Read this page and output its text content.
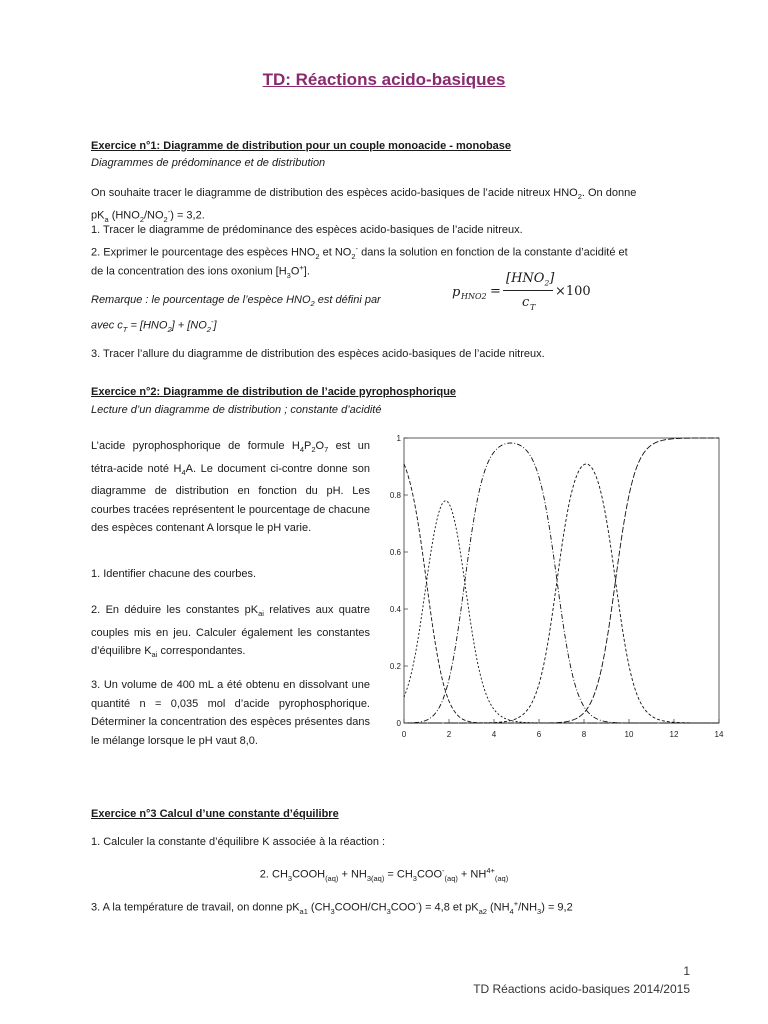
TD: Réactions acido-basiques
Exercice n°1: Diagramme de distribution pour un couple monoacide - monobase
Diagrammes de prédominance et de distribution
On souhaite tracer le diagramme de distribution des espèces acido-basiques de l’acide nitreux $HNO_2$. On donne
$pK_a$ $(HNO_2/NO_2^-) = 3,2$.
1. Tracer le diagramme de prédominance des espèces acido-basiques de l’acide nitreux.
2. Exprimer le pourcentage des espèces $HNO_2$ et $NO_2^-$ dans la solution en fonction de la constante d’acidité et
de la concentration des ions oxonium $[H_3O^+]$.
Remarque : le pourcentage de l’espèce $HNO_2$ est défini par
avec $c_T = [HNO_2] + [NO_2^-]$
p HNO2 =
$[HNO_2]$
c T
×100
3. Tracer l’allure du diagramme de distribution des espèces acido-basiques de l’acide nitreux.
Exercice n°2: Diagramme de distribution de l’acide pyrophosphorique
Lecture d’un diagramme de distribution ; constante d’acidité
L’acide pyrophosphorique de formule $H_4P_2O_7$ est un tétra-acide noté $H_4A$. Le document ci-contre donne son diagramme de distribution en fonction du pH. Les courbes tracées représentent le pourcentage de chacune des espèces contenant A lorsque le pH varie.
1. Identifier chacune des courbes.
2. En déduire les constantes $pK_{ai}$ relatives aux quatre couples mis en jeu. Calculer également les constantes d’équilibre $K_{ai}$ correspondantes.
3. Un volume de 400 mL a été obtenu en dissolvant une quantité n = 0,035 mol d’acide pyrophosphorique. Déterminer la concentration des espèces présentes dans le mélange lorsque le pH vaut 8,0.	0	2	4	6	8	10	12	14
0
0.2
0.4
0.6
0.8
1
Exercice n°3 Calcul d’une constante d’équilibre
1. Calculer la constante d’équilibre K associée à la réaction :
2. $CH_3COOH_{(aq)} + NH_{3(aq)} = CH_3COO^-_{(aq)} + NH^{4+}_{(aq)}$
3. A la température de travail, on donne $pK_{a1}$ $(CH_3COOH/CH_3COO^-) = 4,8$ et $pK_{a2}$ $(NH_4^+/NH_3) = 9,2$
1
TD Réactions acido-basiques 2014/2015
